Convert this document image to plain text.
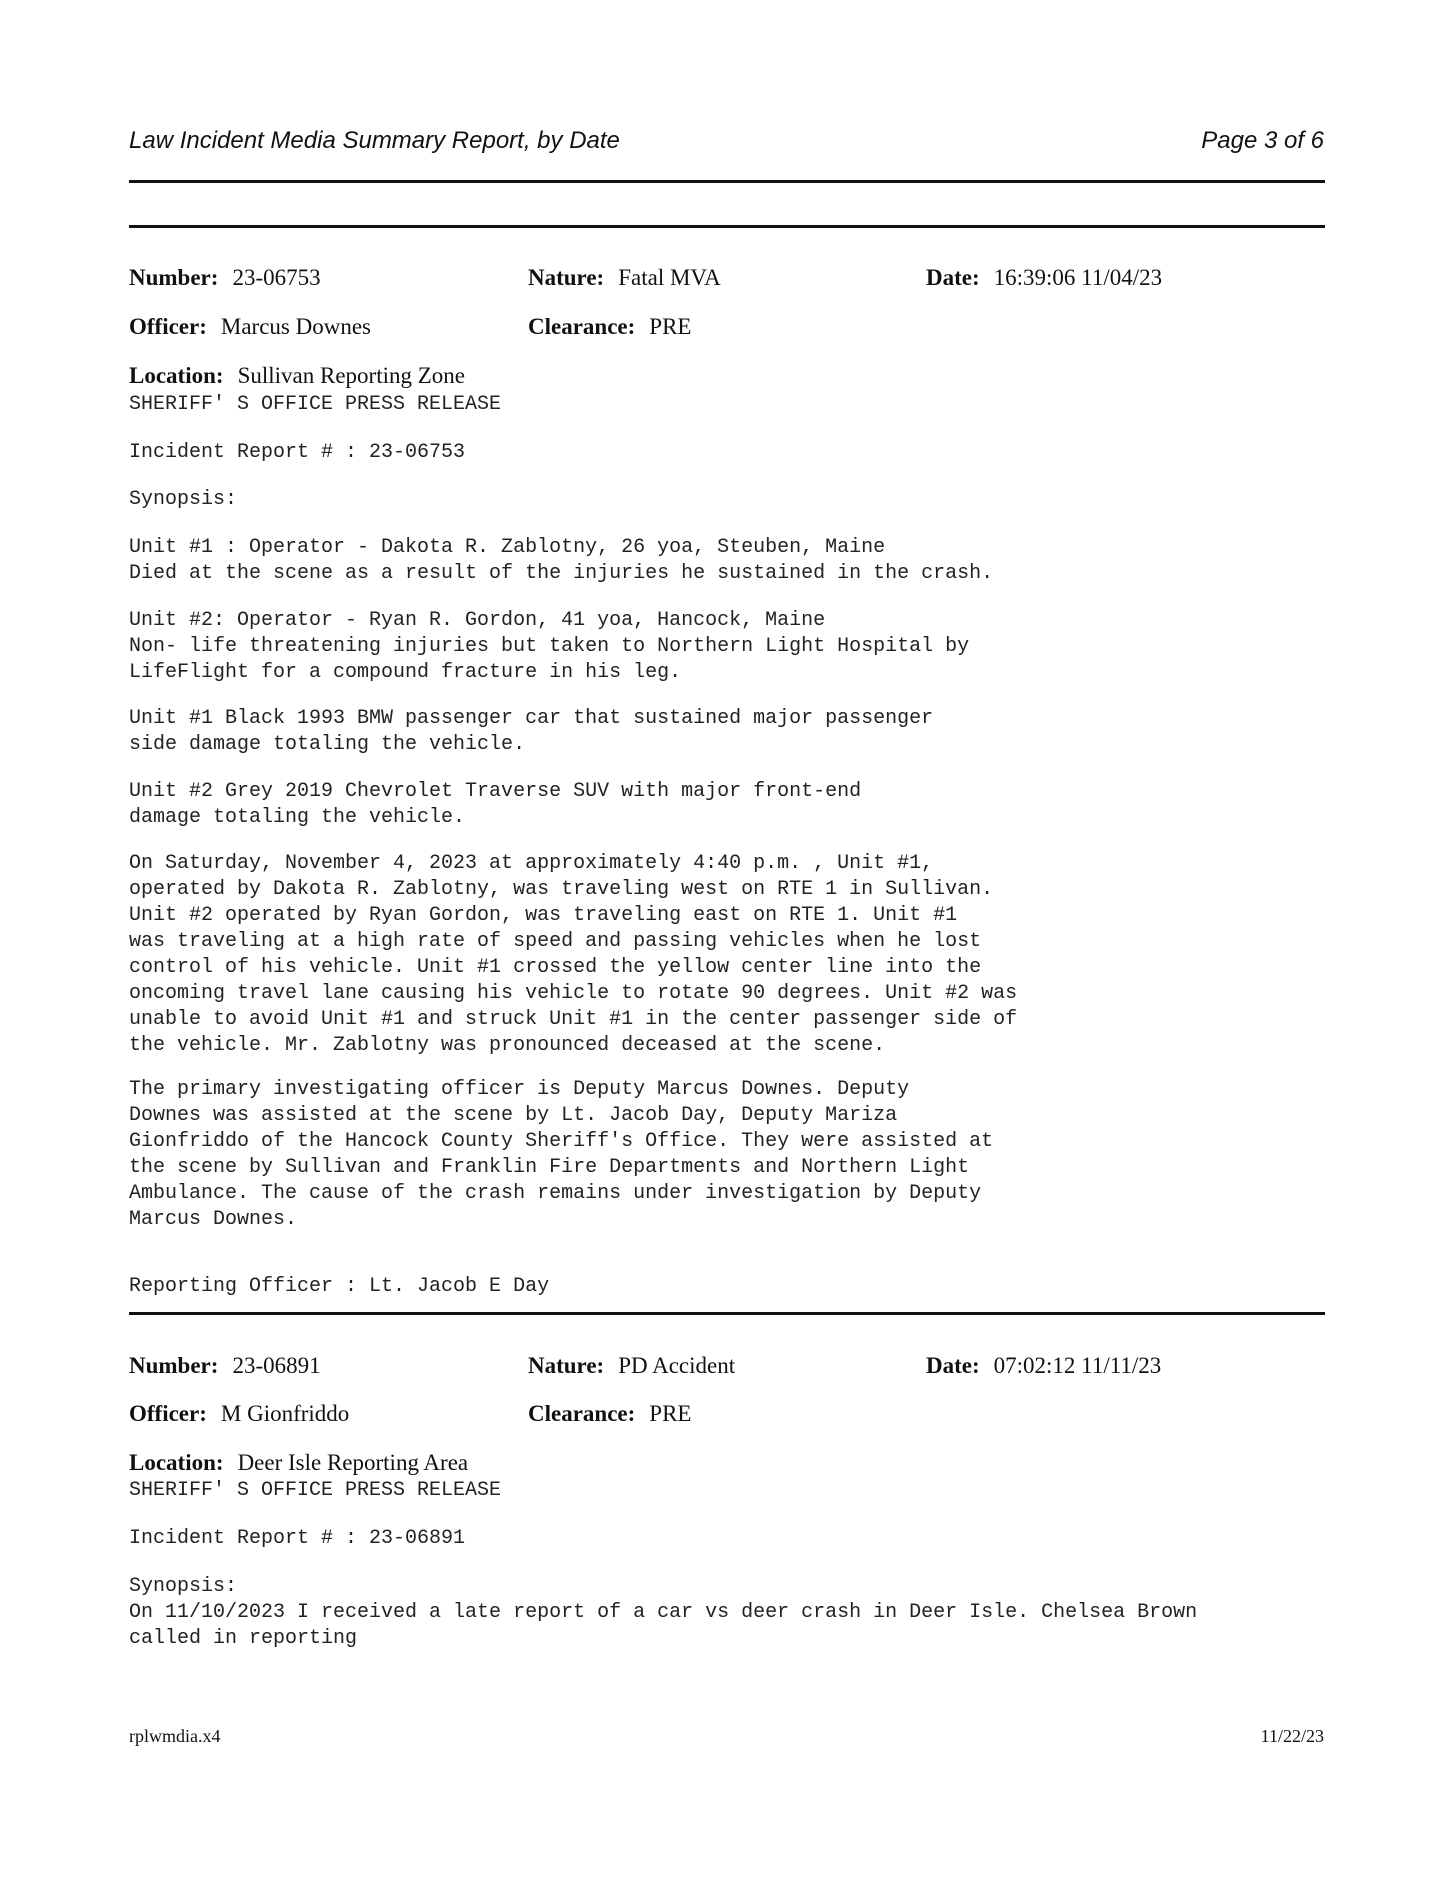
Law Incident Media Summary Report, by Date	Page 3 of 6
Number: 23-06753	Nature: Fatal MVA	Date: 16:39:06 11/04/23
Officer: Marcus Downes	Clearance: PRE
Location: Sullivan Reporting Zone
SHERIFF' S OFFICE PRESS RELEASE
Incident Report # : 23-06753
Synopsis:
Unit #1 : Operator - Dakota R. Zablotny, 26 yoa, Steuben, Maine
Died at the scene as a result of the injuries he sustained in the crash.
Unit #2: Operator - Ryan R. Gordon, 41 yoa, Hancock, Maine
Non- life threatening injuries but taken to Northern Light Hospital by
LifeFlight for a compound fracture in his leg.
Unit #1 Black 1993 BMW passenger car that sustained major passenger
side damage totaling the vehicle.
Unit #2 Grey 2019 Chevrolet Traverse SUV with major front-end
damage totaling the vehicle.
On Saturday, November 4, 2023 at approximately 4:40 p.m. , Unit #1,
operated by Dakota R. Zablotny, was traveling west on RTE 1 in Sullivan.
Unit #2 operated by Ryan Gordon, was traveling east on RTE 1. Unit #1
was traveling at a high rate of speed and passing vehicles when he lost
control of his vehicle. Unit #1 crossed the yellow center line into the
oncoming travel lane causing his vehicle to rotate 90 degrees. Unit #2 was
unable to avoid Unit #1 and struck Unit #1 in the center passenger side of
the vehicle. Mr. Zablotny was pronounced deceased at the scene.
The primary investigating officer is Deputy Marcus Downes. Deputy
Downes was assisted at the scene by Lt. Jacob Day, Deputy Mariza
Gionfriddo of the Hancock County Sheriff's Office. They were assisted at
the scene by Sullivan and Franklin Fire Departments and Northern Light
Ambulance. The cause of the crash remains under investigation by Deputy
Marcus Downes.
Reporting Officer : Lt. Jacob E Day
Number: 23-06891	Nature: PD Accident	Date: 07:02:12 11/11/23
Officer: M Gionfriddo	Clearance: PRE
Location: Deer Isle Reporting Area
SHERIFF' S OFFICE PRESS RELEASE
Incident Report # : 23-06891
Synopsis:
On 11/10/2023 I received a late report of a car vs deer crash in Deer Isle. Chelsea Brown
called in reporting
rplwmdia.x4	11/22/23
